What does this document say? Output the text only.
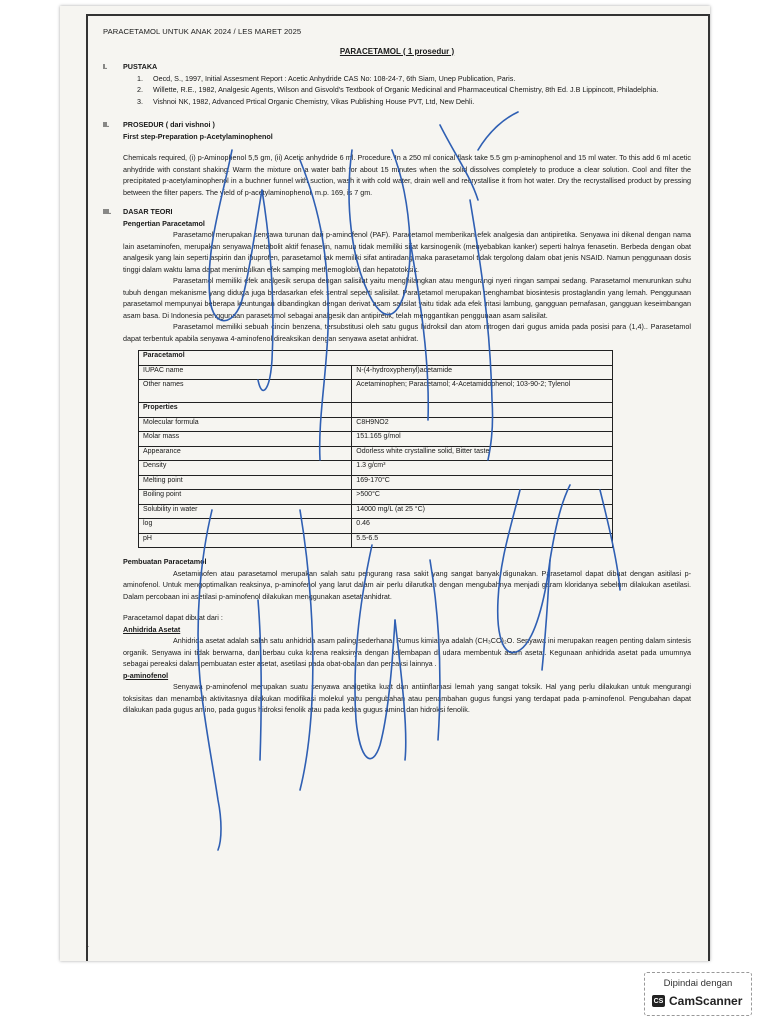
PARACETAMOL UNTUK ANAK 2024 / LES MARET 2025
PARACETAMOL ( 1 prosedur )
I.	PUSTAKA
1.	Oecd, S., 1997, Initial Assesment Report : Acetic Anhydride CAS No: 108-24-7, 6th Siam, Unep Publication, Paris.
2.	Willette, R.E., 1982, Analgesic Agents, Wilson and Gisvold's Textbook of Organic Medicinal and Pharmaceutical Chemistry, 8th Ed. J.B Lippincott, Philadelphia.
3.	Vishnoi NK, 1982, Advanced Prtical Organic Chemistry, Vikas Publishing House PVT, Ltd, New Dehli.
II.	PROSEDUR ( dari vishnoi )
First step-Preparation p-Acetylaminophenol
Chemicals required, (i) p-Aminophenol 5,5 gm, (ii) Acetic anhydride 6 ml. Procedure. In a 250 ml conical flask take 5.5 gm p-aminophenol and 15 ml water. To this add 6 ml acetic anhydride with constant shaking. Warm the mixture on a water bath for about 15 minutes when the solid dissolves completely to produce a clear solution. Cool and filter the precipitated p-acetylaminophenol in a buchner funnel with suction, wash it with cold water, drain well and recrystallise it from hot water. Dry the recrystallised product by pressing between the filter papers. The yield of p-acetylaminophenol, m.p. 169, is 7 gm.
III.	DASAR TEORI
Pengertian Paracetamol
Parasetamol merupakan senyawa turunan dari p-aminofenol (PAF). Paracetamol memberikan efek analgesia dan antipiretika. Senyawa ini dikenal dengan nama lain asetaminofen, merupakan senyawa metabolit aktif fenasetin, namun tidak memiliki sifat karsinogenik (menyebabkan kanker) seperti halnya fenasetin. Berbeda dengan obat analgesik yang lain seperti aspirin dan ibuprofen, parasetamol tak memiliki sifat antiradang maka parasetamol tidak tergolong dalam obat jenis NSAID. Namun penggunaan dosis tinggi dalam waktu lama dapat menimbulkan efek samping methemoglobin dan hepatotoksik.
Parasetamol memiliki efek analgesik serupa dengan salisilat yaitu menghilangkan atau mengurangi nyeri ringan sampai sedang. Parasetamol menurunkan suhu tubuh dengan mekanisme yang diduga juga berdasarkan efek sentral seperti salisilat. Parasetamol merupakan penghambat biosintesis prostaglandin yang lemah. Penggunaan parasetamol mempunyai beberapa keuntungan dibandingkan dengan derivat asam salisilat yaitu tidak ada efek iritasi lambung, gangguan pernafasan, gangguan keseimbangan asam basa. Di Indonesia penggunaan parasetamol sebagai analgesik dan antipiretik, telah menggantikan penggunaan asam salisilat.
Parasetamol memiliki sebuah cincin benzena, tersubstitusi oleh satu gugus hidroksil dan atom nitrogen dari gugus amida pada posisi para (1,4).. Parasetamol dapat terbentuk apabila senyawa 4-aminofenol direaksikan dengan senyawa asetat anhidrat.
Paracetamol	
IUPAC name	N-(4-hydroxyphenyl)acetamide
Other names	Acetaminophen; Paracetamol; 4-Acetamidophenol; 103-90-2; Tylenol
Properties	
Molecular formula	C8H9NO2
Molar mass	151.165 g/mol
Appearance	Odorless white crystalline solid, Bitter taste
Density	1.3 g/cm³
Melting point	169-170°C
Boiling point	>500°C
Solubility in water	14000 mg/L (at 25 °C)
log	0.46
pH	5.5-6.5
Pembuatan Paracetamol
Asetaminofen atau parasetamol merupakan salah satu pengurang rasa sakit yang sangat banyak digunakan. Parasetamol dapat dibuat dengan asitilasi p-aminofenol. Untuk mengoptimalkan reaksinya, p-aminofenol yang larut dalam air perlu dilarutkan dengan mengubahnya menjadi garam kloridanya sebelum dilakukan asetilasi. Dalam percobaan ini asetilasi p-aminofenol dilakukan menggunakan asetat anhidrat.
Paracetamol dapat dibuat dari :
Anhidrida Asetat
Anhidrida asetat adalah salah satu anhidrida asam paling sederhana. Rumus kimianya adalah (CH₃CO)₂O. Senyawa ini merupakan reagen penting dalam sintesis organik. Senyawa ini tidak berwarna, dan berbau cuka karena reaksinya dengan kelembapan di udara membentuk asam asetat. Kegunaan anhidrida asetat pada umumnya sebagai pereaksi dalam pembuatan ester asetat, asetilasi pada obat-obatan dan pereaksi lainnya .
p-aminofenol
Senyawa p-aminofenol merupakan suatu senyawa analgetika kuat dan antiinflamasi lemah yang sangat toksik. Hal yang perlu dilakukan untuk mengurangi toksisitas dan menambah aktivitasnya dilakukan modifikasi molekul yaitu pengubahan atau penambahan gugus fungsi yang terdapat pada p-aminofenol. Pengubahan dapat dilakukan pada gugus amino, pada gugus hidroksi fenolik atau pada kedua gugus amino dan hidroksi fenolik.
ᐩ
Dipindai dengan
CS CamScanner
